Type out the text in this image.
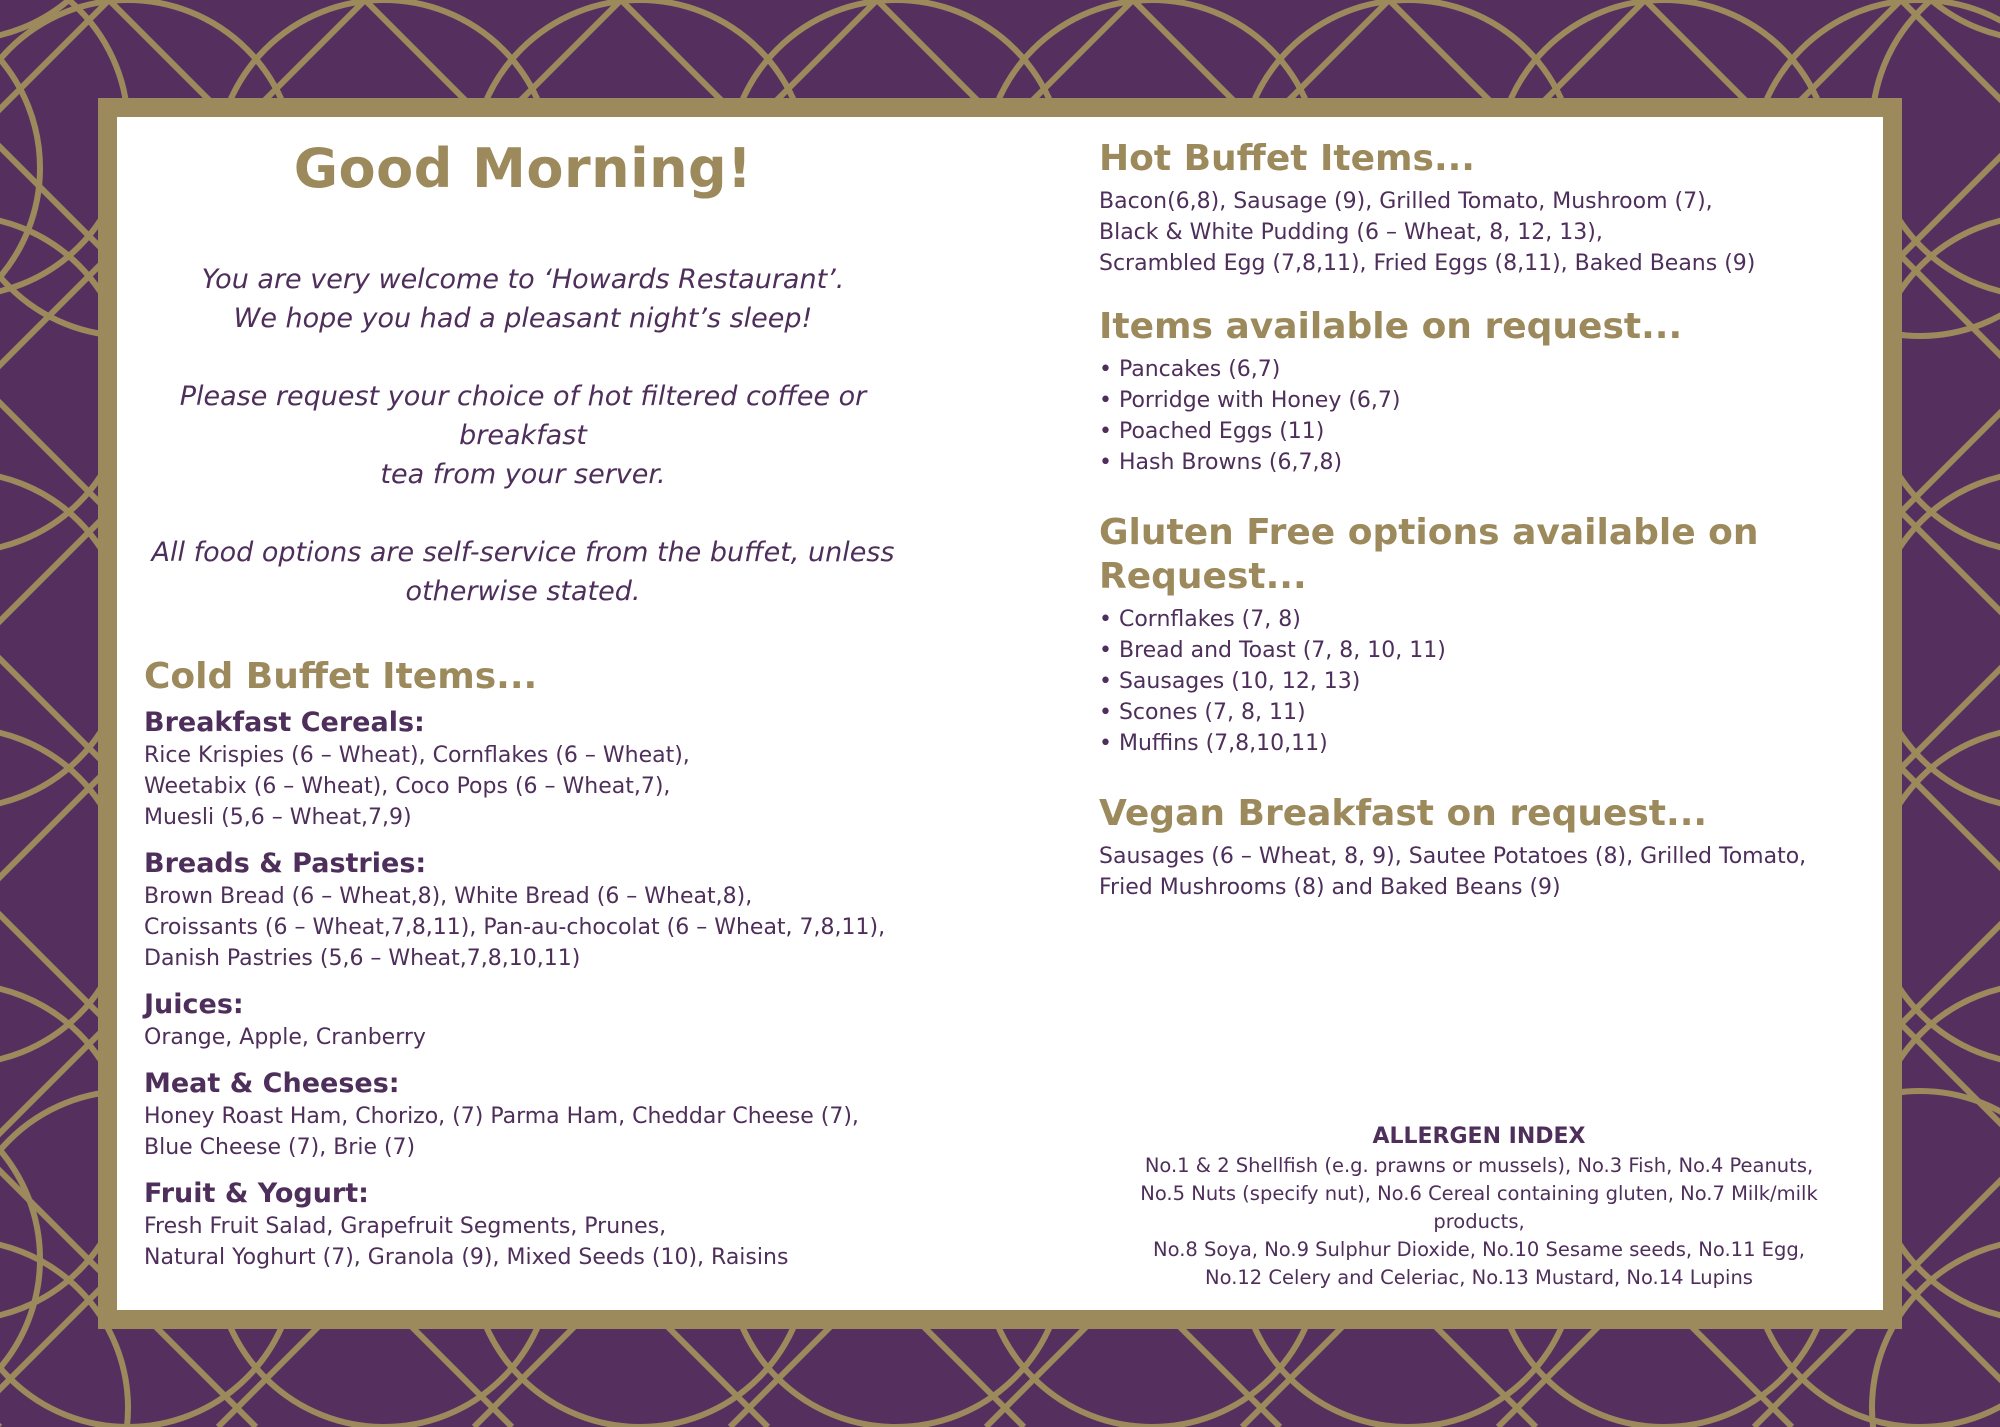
Good Morning!

You are very welcome to ‘Howards Restaurant’.
We hope you had a pleasant night’s sleep!

Please request your choice of hot filtered coffee or breakfast
tea from your server.

All food options are self-service from the buffet, unless
otherwise stated.

Cold Buffet Items...
Breakfast Cereals:

Rice Krispies (6 – Wheat), Cornflakes (6 – Wheat),

Weetabix (6 – Wheat), Coco Pops (6 – Wheat,7),

Muesli (5,6 – Wheat,7,9)

Breads & Pastries:

Brown Bread (6 – Wheat,8), White Bread (6 – Wheat,8),

Croissants (6 – Wheat,7,8,11), Pan-au-chocolat (6 – Wheat, 7,8,11),

Danish Pastries (5,6 – Wheat,7,8,10,11)

Juices:

Orange, Apple, Cranberry

Meat & Cheeses:

Honey Roast Ham, Chorizo, (7) Parma Ham, Cheddar Cheese (7),

Blue Cheese (7), Brie (7)

Fruit & Yogurt:

Fresh Fruit Salad, Grapefruit Segments, Prunes,

Natural Yoghurt (7), Granola (9), Mixed Seeds (10), Raisins

Hot Buffet Items...

Bacon(6,8), Sausage (9), Grilled Tomato, Mushroom (7),

Black & White Pudding (6 – Wheat, 8, 12, 13),

Scrambled Egg (7,8,11), Fried Eggs (8,11), Baked Beans (9)

Items available on request...
• Pancakes (6,7)
• Porridge with Honey (6,7)
• Poached Eggs (11)
• Hash Browns (6,7,8)
Gluten Free options available on Request...
• Cornflakes (7, 8)
• Bread and Toast (7, 8, 10, 11)
• Sausages (10, 12, 13)
• Scones (7, 8, 11)
• Muffins (7,8,10,11)
Vegan Breakfast on request...

Sausages (6 – Wheat, 8, 9), Sautee Potatoes (8), Grilled Tomato,

Fried Mushrooms (8) and Baked Beans (9)

ALLERGEN INDEX
No.1 & 2 Shellfish (e.g. prawns or mussels), No.3 Fish, No.4 Peanuts,
No.5 Nuts (specify nut), No.6 Cereal containing gluten, No.7 Milk/milk products,
No.8 Soya, No.9 Sulphur Dioxide, No.10 Sesame seeds, No.11 Egg,
No.12 Celery and Celeriac, No.13 Mustard, No.14 Lupins
